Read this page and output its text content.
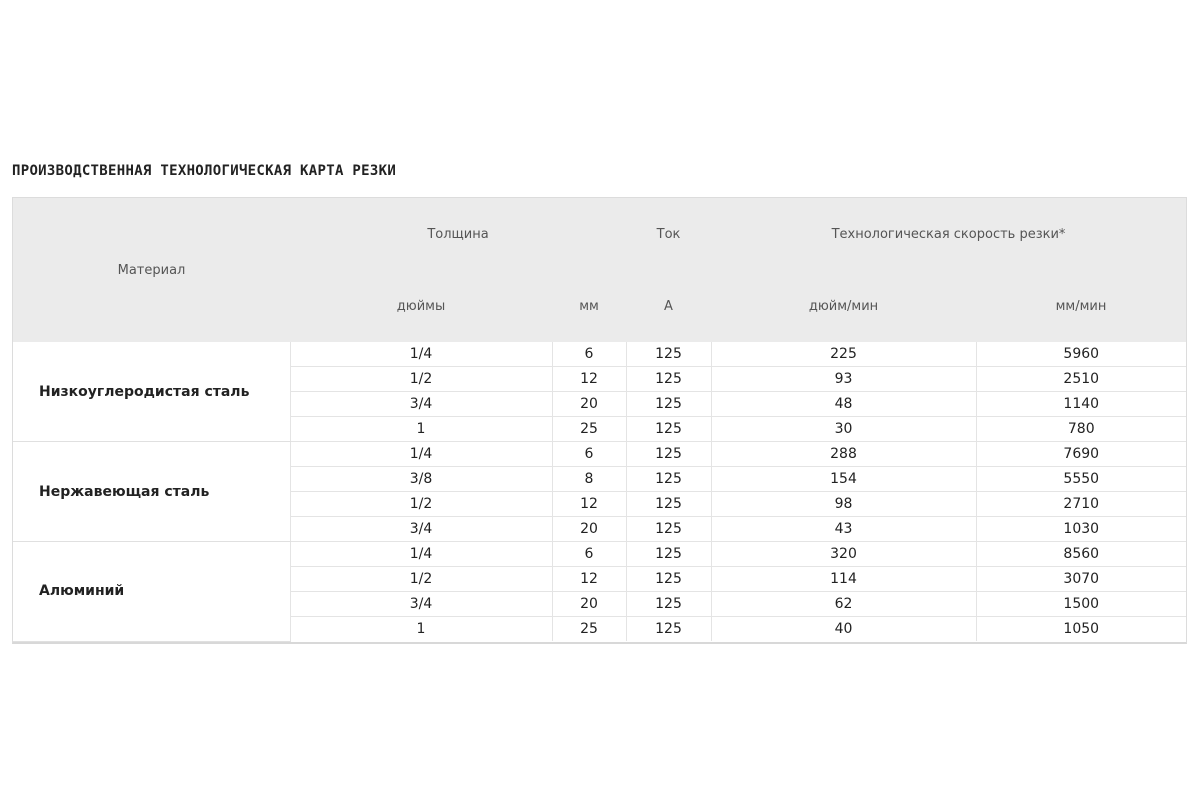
ПРОИЗВОДСТВЕННАЯ ТЕХНОЛОГИЧЕСКАЯ КАРТА РЕЗКИ
Материал	Толщина		Ток	Технологическая скорость резки*	
	дюймы	мм	А	дюйм/мин	мм/мин
Низкоуглеродистая сталь	1/4	6	125	225	5960
	1/2	12	125	93	2510
	3/4	20	125	48	1140
	1	25	125	30	780
Нержавеющая сталь	1/4	6	125	288	7690
	3/8	8	125	154	5550
	1/2	12	125	98	2710
	3/4	20	125	43	1030
Алюминий	1/4	6	125	320	8560
	1/2	12	125	114	3070
	3/4	20	125	62	1500
	1	25	125	40	1050
